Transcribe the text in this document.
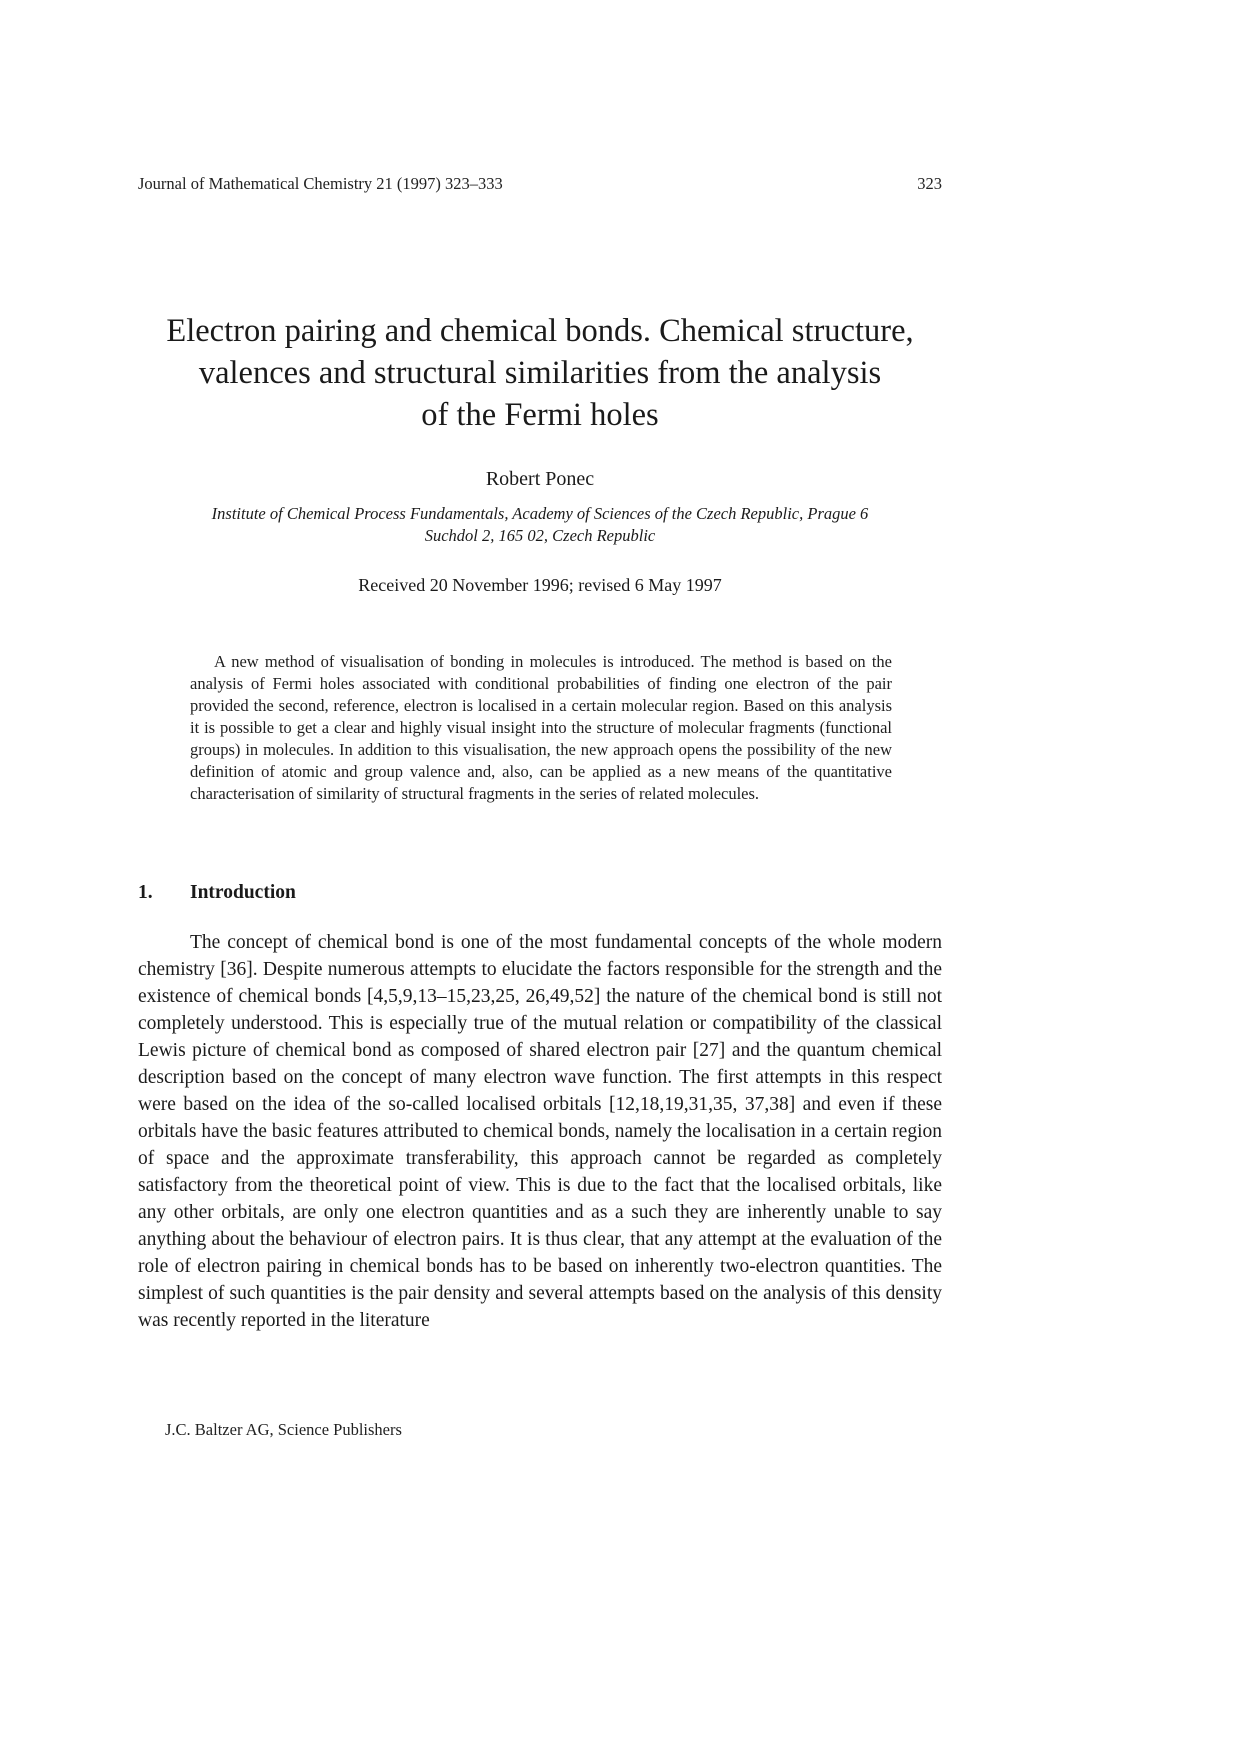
Journal of Mathematical Chemistry 21 (1997) 323–333	323
Electron pairing and chemical bonds. Chemical structure,
valences and structural similarities from the analysis
of the Fermi holes
Robert Ponec
Institute of Chemical Process Fundamentals, Academy of Sciences of the Czech Republic, Prague 6
Suchdol 2, 165 02, Czech Republic
Received 20 November 1996; revised 6 May 1997

A new method of visualisation of bonding in molecules is introduced. The method is based on the analysis of Fermi holes associated with conditional probabilities of finding one electron of the pair provided the second, reference, electron is localised in a certain molecular region. Based on this analysis it is possible to get a clear and highly visual insight into the structure of molecular fragments (functional groups) in molecules. In addition to this visualisation, the new approach opens the possibility of the new definition of atomic and group valence and, also, can be applied as a new means of the quantitative characterisation of similarity of structural fragments in the series of related molecules.

1. Introduction

The concept of chemical bond is one of the most fundamental concepts of the whole modern chemistry [36]. Despite numerous attempts to elucidate the factors responsible for the strength and the existence of chemical bonds [4,5,9,13–15,23,25, 26,49,52] the nature of the chemical bond is still not completely understood. This is especially true of the mutual relation or compatibility of the classical Lewis picture of chemical bond as composed of shared electron pair [27] and the quantum chemical description based on the concept of many electron wave function. The first attempts in this respect were based on the idea of the so-called localised orbitals [12,18,19,31,35, 37,38] and even if these orbitals have the basic features attributed to chemical bonds, namely the localisation in a certain region of space and the approximate transferability, this approach cannot be regarded as completely satisfactory from the theoretical point of view. This is due to the fact that the localised orbitals, like any other orbitals, are only one electron quantities and as a such they are inherently unable to say anything about the behaviour of electron pairs. It is thus clear, that any attempt at the evaluation of the role of electron pairing in chemical bonds has to be based on inherently two-electron quantities. The simplest of such quantities is the pair density and several attempts based on the analysis of this density was recently reported in the literature

J.C. Baltzer AG, Science Publishers
